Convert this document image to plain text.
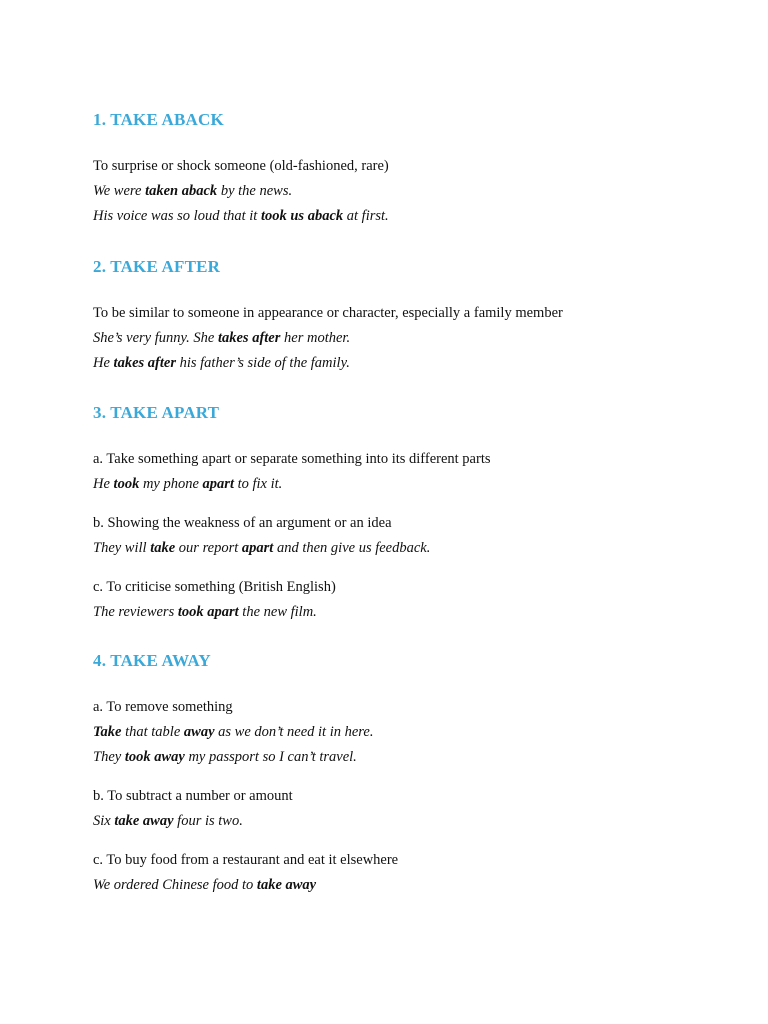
1. TAKE ABACK

To surprise or shock someone (old-fashioned, rare)

We were taken aback by the news.

His voice was so loud that it took us aback at first.

2. TAKE AFTER

To be similar to someone in appearance or character, especially a family member

She’s very funny. She takes after her mother.

He takes after his father’s side of the family.

3. TAKE APART

a. Take something apart or separate something into its different parts

He took my phone apart to fix it.

b. Showing the weakness of an argument or an idea

They will take our report apart and then give us feedback.

c. To criticise something (British English)

The reviewers took apart the new film.

4. TAKE AWAY

a. To remove something

Take that table away as we don’t need it in here.

They took away my passport so I can’t travel.

b. To subtract a number or amount

Six take away four is two.

c. To buy food from a restaurant and eat it elsewhere

We ordered Chinese food to take away
